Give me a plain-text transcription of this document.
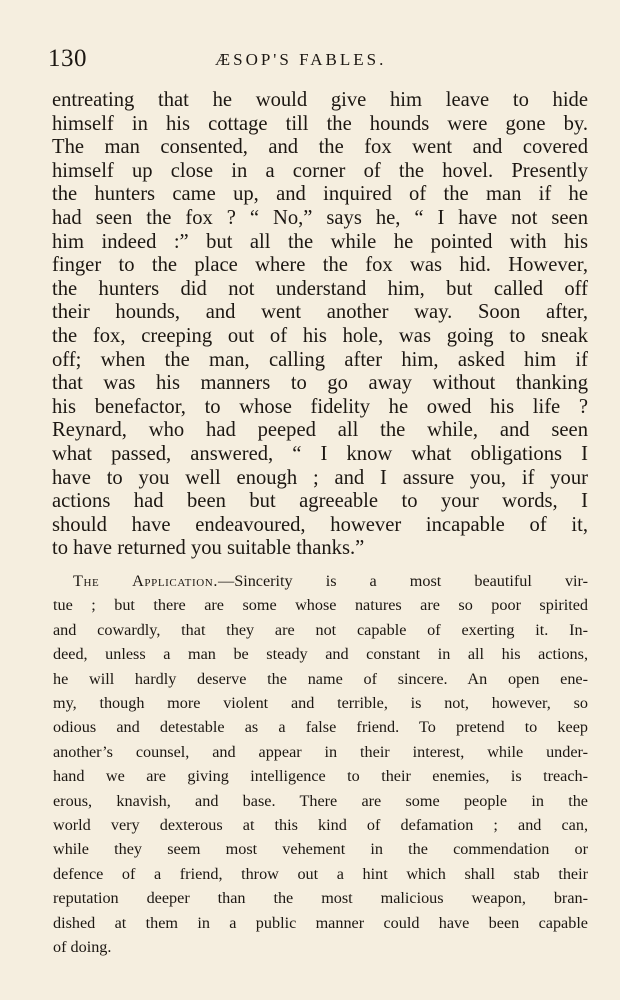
130	ÆSOP'S FABLES.
entreating that he would give him leave to hide
himself in his cottage till the hounds were gone by.
The man consented, and the fox went and covered
himself up close in a corner of the hovel. Presently
the hunters came up, and inquired of the man if he
had seen the fox ? “ No,” says he, “ I have not seen
him indeed :” but all the while he pointed with his
finger to the place where the fox was hid. However,
the hunters did not understand him, but called off
their hounds, and went another way. Soon after,
the fox, creeping out of his hole, was going to sneak
off; when the man, calling after him, asked him if
that was his manners to go away without thanking
his benefactor, to whose fidelity he owed his life ?
Reynard, who had peeped all the while, and seen
what passed, answered, “ I know what obligations I
have to you well enough ; and I assure you, if your
actions had been but agreeable to your words, I
should have endeavoured, however incapable of it,
to have returned you suitable thanks.”
The Application.—Sincerity is a most beautiful vir-
tue ; but there are some whose natures are so poor spirited
and cowardly, that they are not capable of exerting it. In-
deed, unless a man be steady and constant in all his actions,
he will hardly deserve the name of sincere. An open ene-
my, though more violent and terrible, is not, however, so
odious and detestable as a false friend. To pretend to keep
another’s counsel, and appear in their interest, while under-
hand we are giving intelligence to their enemies, is treach-
erous, knavish, and base. There are some people in the
world very dexterous at this kind of defamation ; and can,
while they seem most vehement in the commendation or
defence of a friend, throw out a hint which shall stab their
reputation deeper than the most malicious weapon, bran-
dished at them in a public manner could have been capable
of doing.
